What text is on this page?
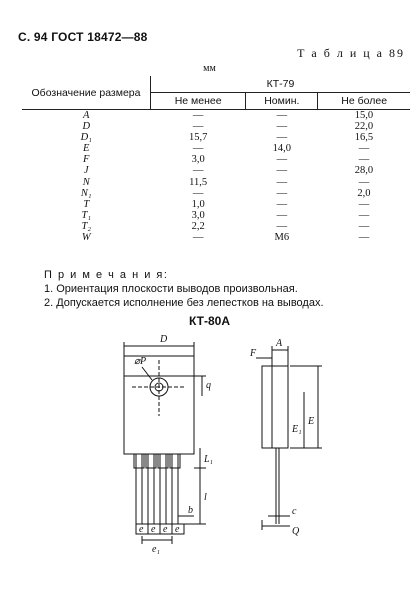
С. 94 ГОСТ 18472—88
Т а б л и ц а 89
мм
Обозначение размера	КТ-79		
	Не менее	Номин.	Не более
A	—	—	15,0
D	—	—	22,0
D₁	15,7	—	16,5
E	—	14,0	—
F	3,0	—	—
J	—	—	28,0
N	11,5	—	—
N₁	—	—	2,0
T	1,0	—	—
T₁	3,0	—	—
T₂	2,2	—	—
W	—	М6	—
П р и м е ч а н и я:
1. Ориентация плоскости выводов произвольная.
2. Допускается исполнение без лепестков на выводах.
КТ-80А
D
⌀P
q
L₁
l
b
e e e e
e₁
F
A
E
E₁
c
Q
